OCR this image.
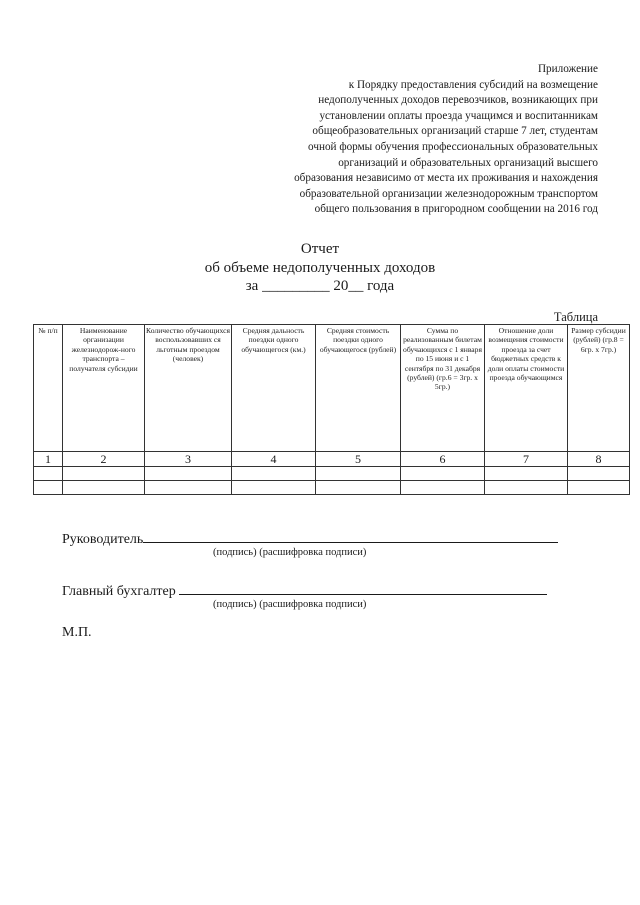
Приложение
к Порядку предоставления субсидий на возмещение
недополученных доходов перевозчиков, возникающих при
установлении оплаты проезда учащимся и воспитанникам
общеобразовательных организаций старше 7 лет, студентам
очной формы обучения профессиональных образовательных
организаций и образовательных организаций высшего
образования независимо от места их проживания и нахождения
образовательной организации железнодорожным транспортом
общего пользования в пригородном сообщении на 2016 год
Отчет
об объеме недополученных доходов
за _________ 20__ года
Таблица
№ п/п	Наименование организации железнодорож-ного транспорта – получателя субсидии	Количество обучающихся воспользовавших ся льготным проездом (человек)	Средняя дальность поездки одного обучающегося (км.)	Средняя стоимость поездки одного обучающегося (рублей)	Сумма по реализованным билетам обучающихся с 1 января по 15 июня и с 1 сентября по 31 декабря (рублей) (гр.6 = 3гр. х 5гр.)	Отношение доли возмещения стоимости проезда за счет бюджетных средств к доли оплаты стоимости проезда обучающимся	Размер субсидии (рублей) (гр.8 = 6гр. х 7гр.)
1	2	3	4	5	6	7	8

Руководитель
(подпись) (расшифровка подписи)
Главный бухгалтер
(подпись) (расшифровка подписи)
М.П.
